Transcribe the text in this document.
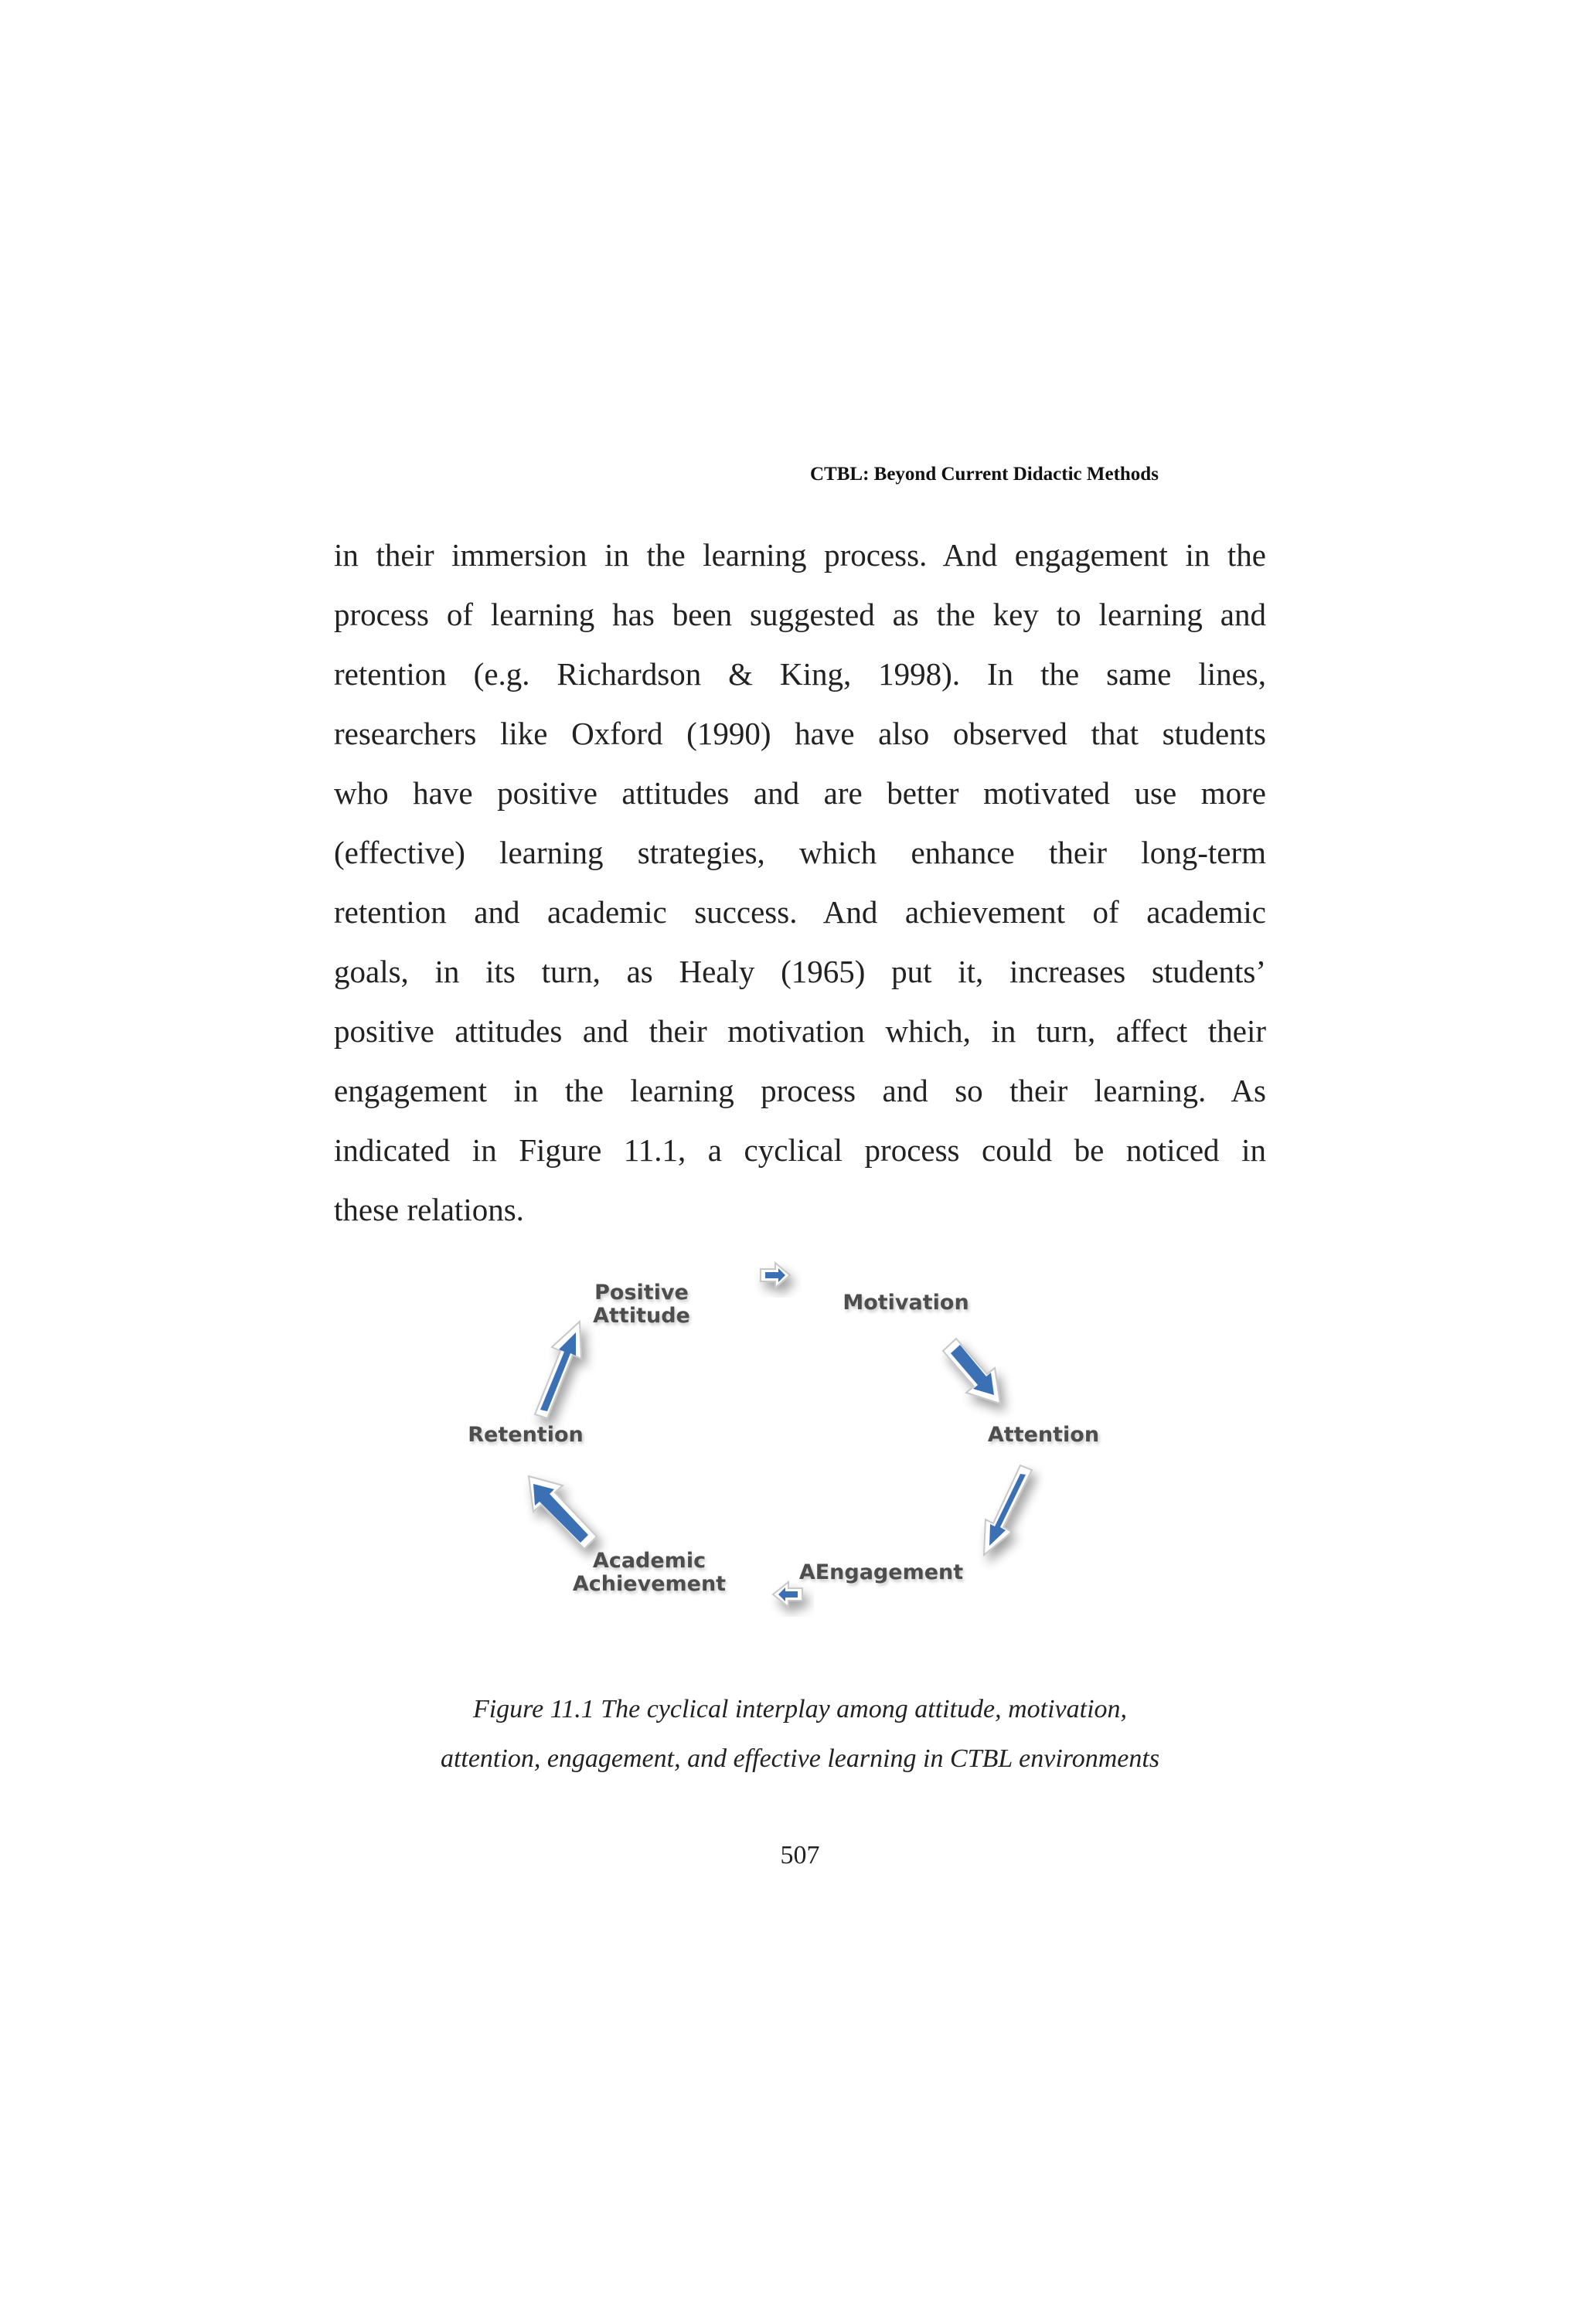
CTBL: Beyond Current Didactic Methods
in their immersion in the learning process. And engagement in the
process of learning has been suggested as the key to learning and
retention (e.g. Richardson & King, 1998). In the same lines,
researchers like Oxford (1990) have also observed that students
who have positive attitudes and are better motivated use more
(effective) learning strategies, which enhance their long-term
retention and academic success. And achievement of academic
goals, in its turn, as Healy (1965) put it, increases students’
positive attitudes and their motivation which, in turn, affect their
engagement in the learning process and so their learning. As
indicated in Figure 11.1, a cyclical process could be noticed in
these relations.
Positive
Attitude
Motivation
Attention
AEngagement
Academic
Achievement
Retention
Figure 11.1 The cyclical interplay among attitude, motivation,
attention, engagement, and effective learning in CTBL environments
507
